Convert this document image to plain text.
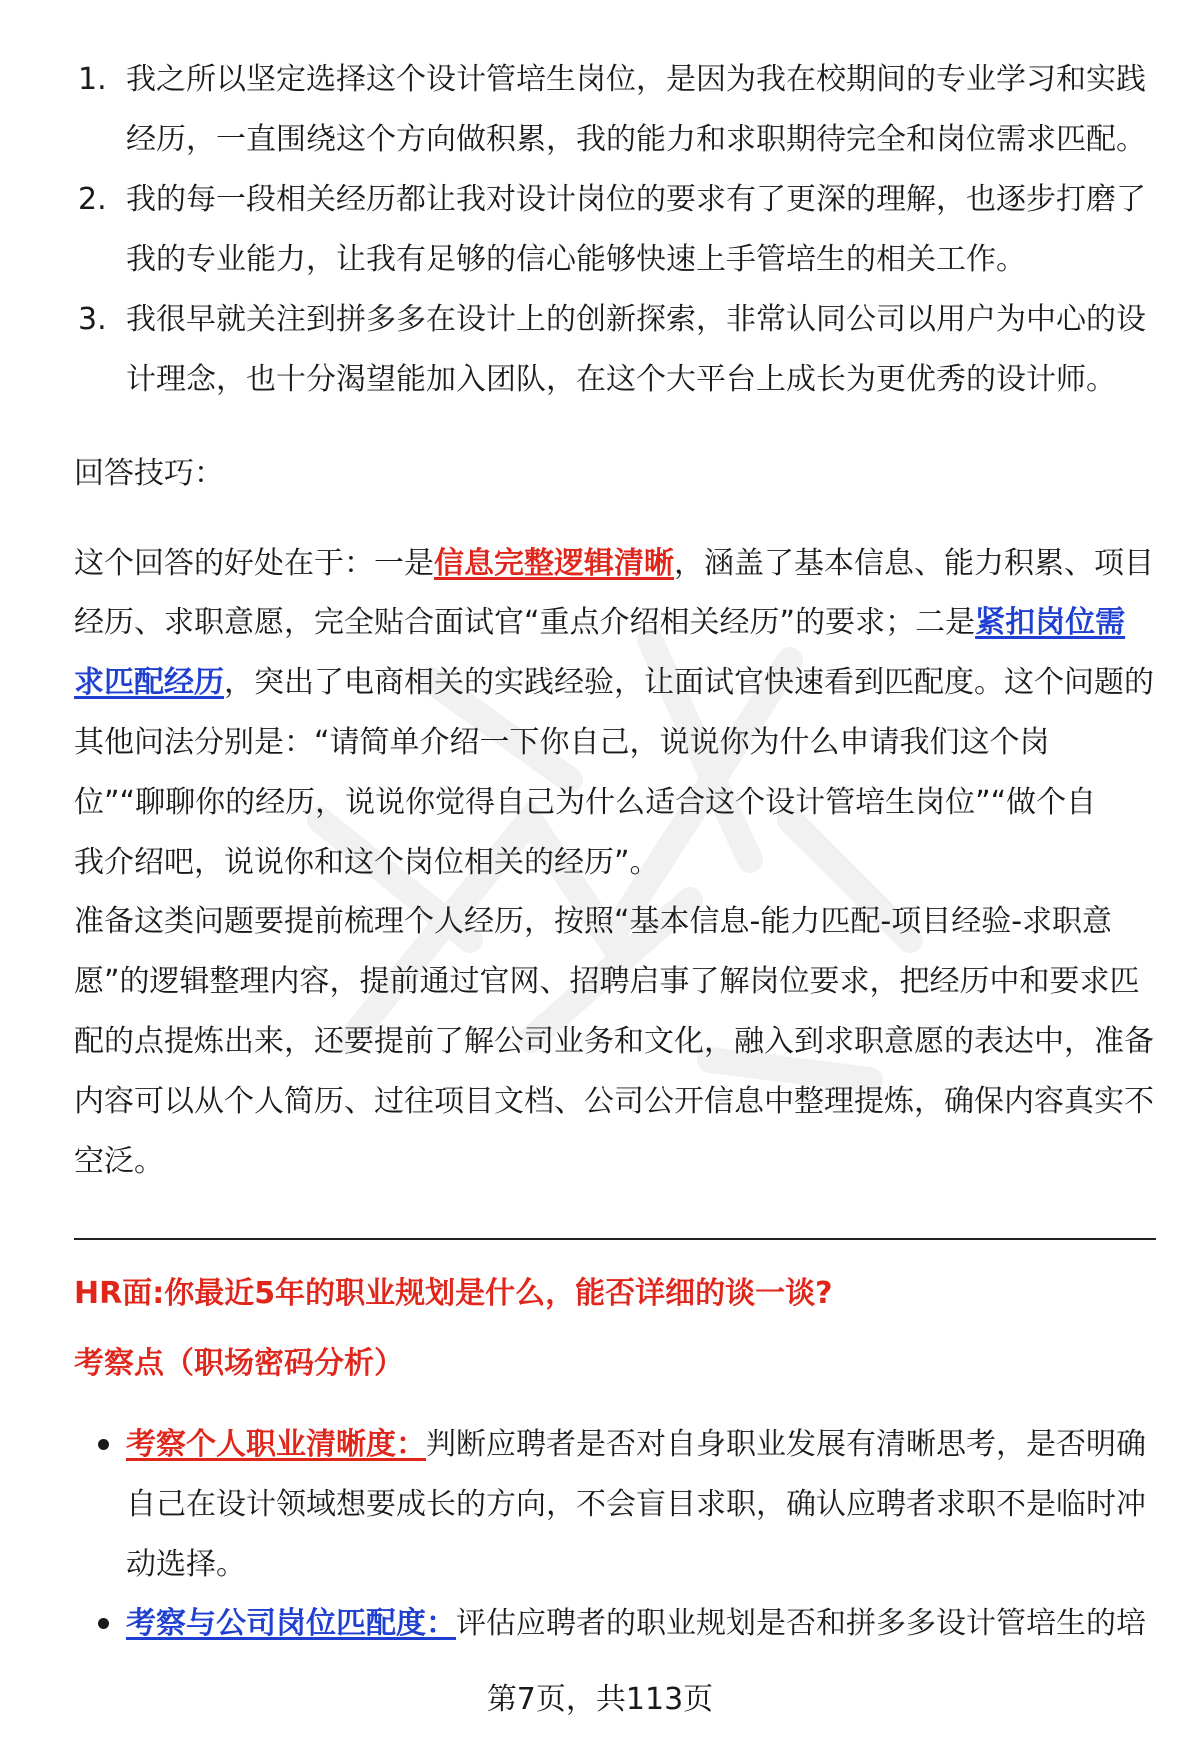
1. 我之所以坚定选择这个设计管培生岗位，是因为我在校期间的专业学习和实践
经历，一直围绕这个方向做积累，我的能力和求职期待完全和岗位需求匹配。
2. 我的每一段相关经历都让我对设计岗位的要求有了更深的理解，也逐步打磨了
我的专业能力，让我有足够的信心能够快速上手管培生的相关工作。
3. 我很早就关注到拼多多在设计上的创新探索，非常认同公司以用户为中心的设
计理念，也十分渴望能加入团队，在这个大平台上成长为更优秀的设计师。
回答技巧：
这个回答的好处在于：一是信息完整逻辑清晰，涵盖了基本信息、能力积累、项目
经历、求职意愿，完全贴合面试官“重点介绍相关经历”的要求；二是紧扣岗位需
求匹配经历，突出了电商相关的实践经验，让面试官快速看到匹配度。这个问题的
其他问法分别是：“请简单介绍一下你自己，说说你为什么申请我们这个岗
位”“聊聊你的经历，说说你觉得自己为什么适合这个设计管培生岗位”“做个自
我介绍吧，说说你和这个岗位相关的经历”。
准备这类问题要提前梳理个人经历，按照“基本信息-能力匹配-项目经验-求职意
愿”的逻辑整理内容，提前通过官网、招聘启事了解岗位要求，把经历中和要求匹
配的点提炼出来，还要提前了解公司业务和文化，融入到求职意愿的表达中，准备
内容可以从个人简历、过往项目文档、公司公开信息中整理提炼，确保内容真实不
空泛。
HR面:你最近5年的职业规划是什么，能否详细的谈一谈?
考察点（职场密码分析）
考察个人职业清晰度：判断应聘者是否对自身职业发展有清晰思考，是否明确
自己在设计领域想要成长的方向，不会盲目求职，确认应聘者求职不是临时冲
动选择。
考察与公司岗位匹配度：评估应聘者的职业规划是否和拼多多设计管培生的培
第7页，共113页
